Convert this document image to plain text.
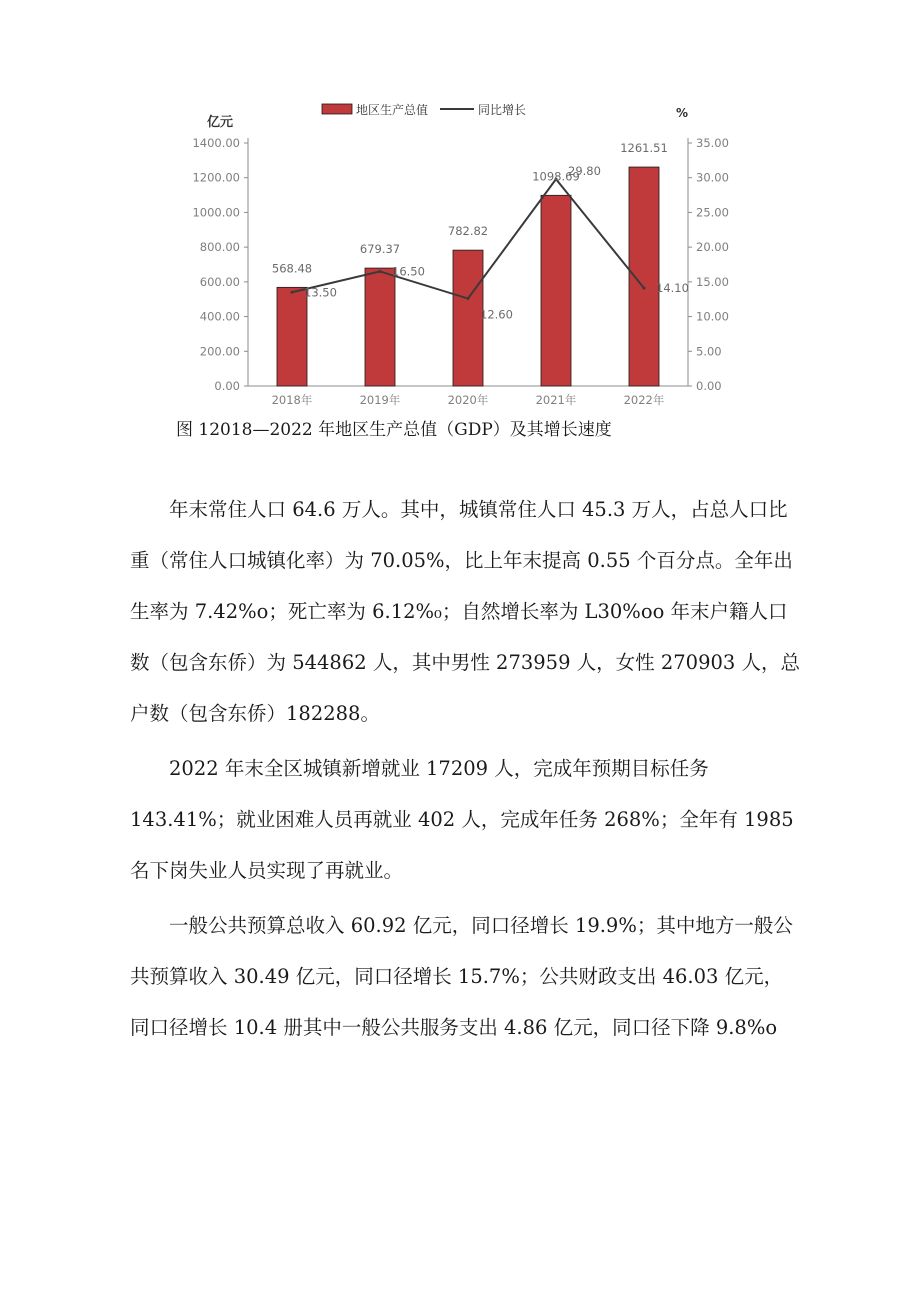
地区生产总值	同比增长
亿元
%
0.00
200.00
400.00
600.00
800.00
1000.00
1200.00
1400.00
0.00
5.00
10.00
15.00
20.00
25.00
30.00
35.00
2018年	2019年	2020年	2021年	2022年
568.48
679.37
782.82
1098.69
1261.51
13.50
16.50
12.60
29.80
14.10

图 12018—2022 年地区生产总值（GDP）及其增长速度

年末常住人口 64.6 万人。其中，城镇常住人口 45.3 万人，占总人口比重（常住人口城镇化率）为 70.05%，比上年末提高 0.55 个百分点。全年出生率为 7.42%o；死亡率为 6.12%₀；自然增长率为 L30%oo 年末户籍人口数（包含东侨）为 544862 人，其中男性 273959 人，女性 270903 人，总户数（包含东侨）182288。

2022 年末全区城镇新增就业 17209 人，完成年预期目标任务 143.41%；就业困难人员再就业 402 人，完成年任务 268%；全年有 1985 名下岗失业人员实现了再就业。

一般公共预算总收入 60.92 亿元，同口径增长 19.9%；其中地方一般公共预算收入 30.49 亿元，同口径增长 15.7%；公共财政支出 46.03 亿元，同口径增长 10.4 册其中一般公共服务支出 4.86 亿元，同口径下降 9.8%o
